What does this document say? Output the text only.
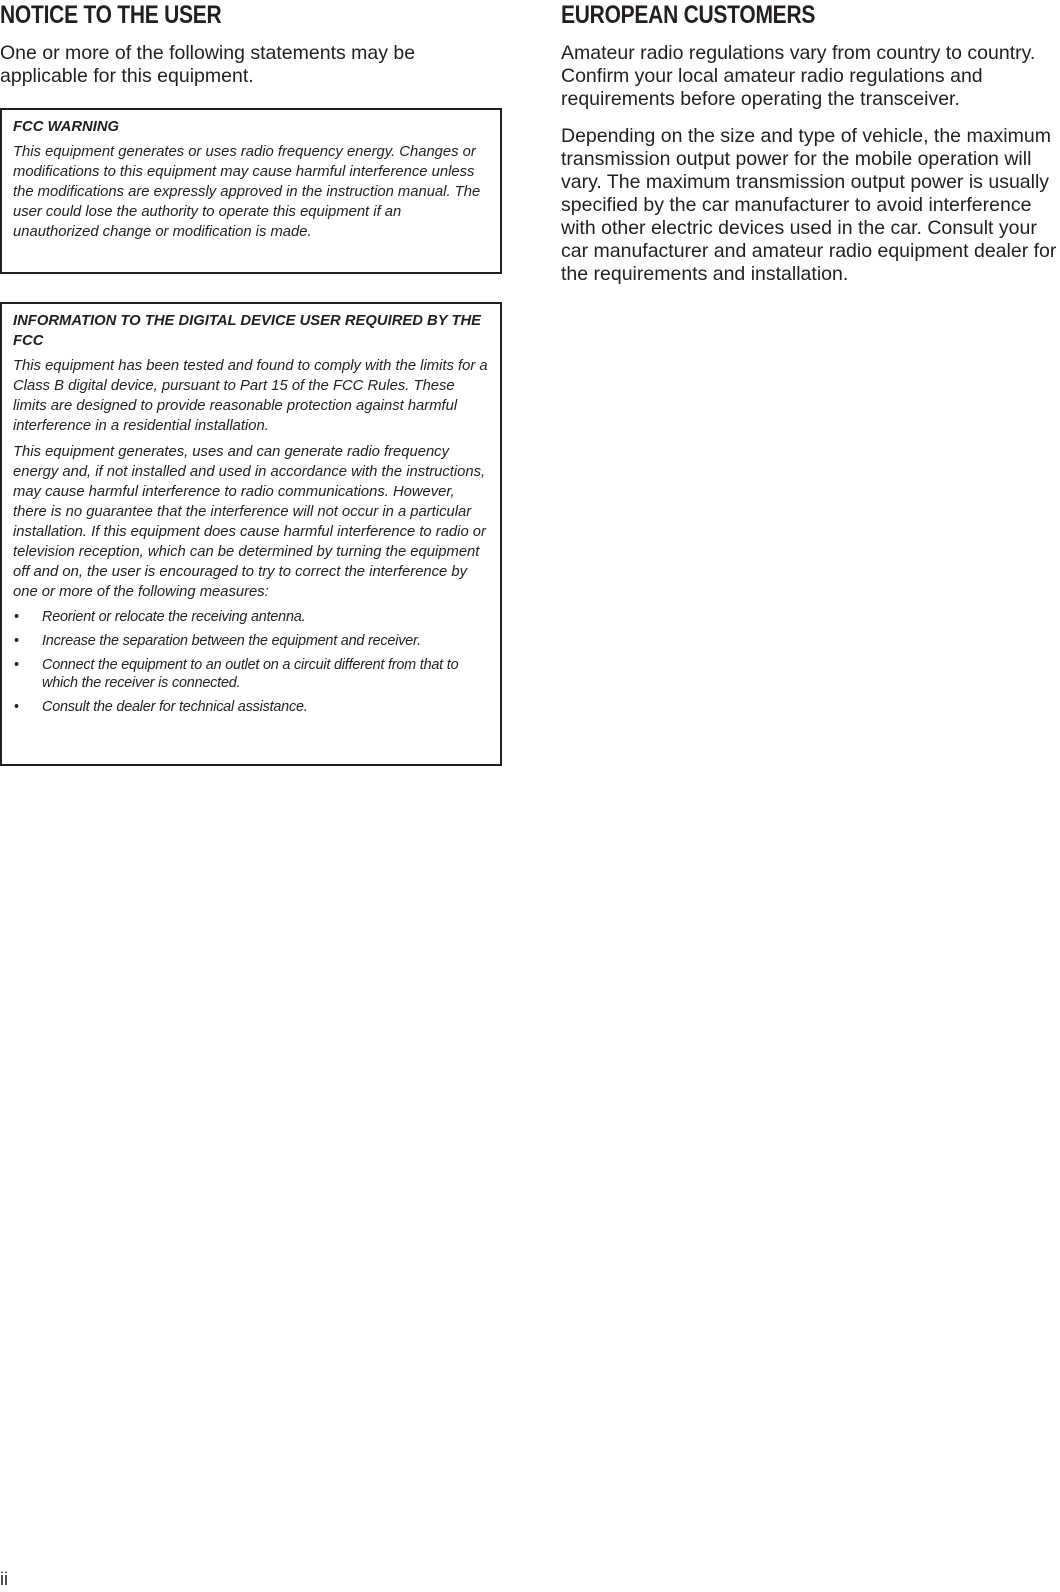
NOTICE TO THE USER

One or more of the following statements may be applicable for this equipment.

FCC WARNING

This equipment generates or uses radio frequency energy. Changes or modifications to this equipment may cause harmful interference unless the modifications are expressly approved in the instruction manual. The user could lose the authority to operate this equipment if an unauthorized change or modification is made.

INFORMATION TO THE DIGITAL DEVICE USER REQUIRED BY THE FCC

This equipment has been tested and found to comply with the limits for a Class B digital device, pursuant to Part 15 of the FCC Rules. These limits are designed to provide reasonable protection against harmful interference in a residential installation.

This equipment generates, uses and can generate radio frequency energy and, if not installed and used in accordance with the instructions, may cause harmful interference to radio communications. However, there is no guarantee that the interference will not occur in a particular installation. If this equipment does cause harmful interference to radio or television reception, which can be determined by turning the equipment off and on, the user is encouraged to try to correct the interference by one or more of the following measures:

• Reorient or relocate the receiving antenna.
• Increase the separation between the equipment and receiver.
• Connect the equipment to an outlet on a circuit different from that to which the receiver is connected.
• Consult the dealer for technical assistance.
EUROPEAN CUSTOMERS

Amateur radio regulations vary from country to country. Confirm your local amateur radio regulations and requirements before operating the transceiver.

Depending on the size and type of vehicle, the maximum transmission output power for the mobile operation will vary. The maximum transmission output power is usually specified by the car manufacturer to avoid interference with other electric devices used in the car. Consult your car manufacturer and amateur radio equipment dealer for the requirements and installation.

ii
